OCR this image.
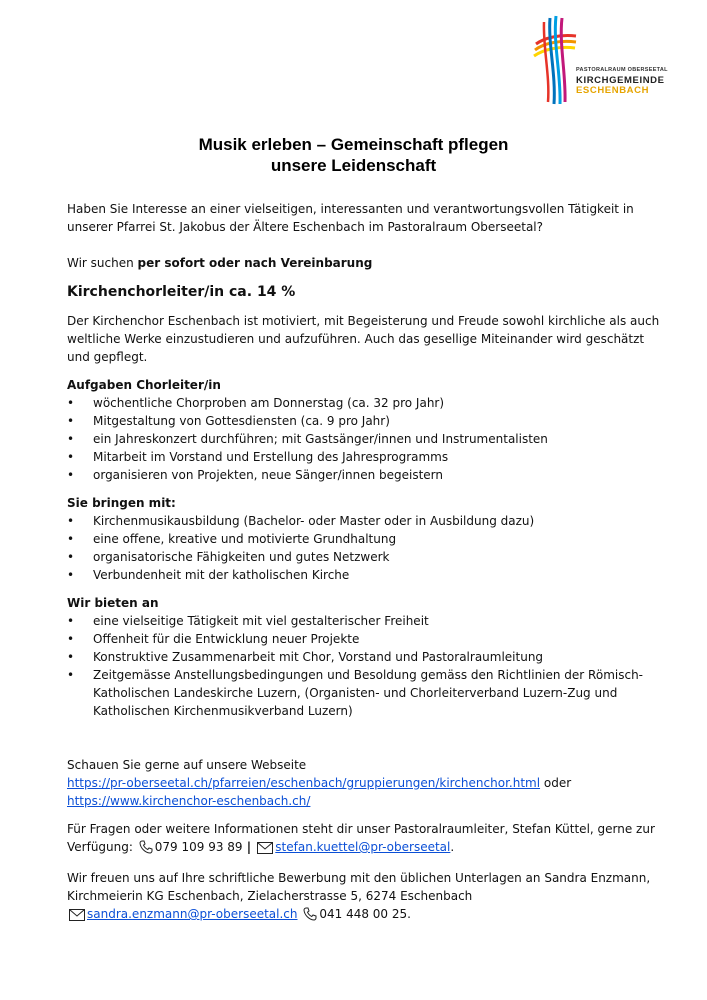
PASTORALRAUM OBERSEETAL
KIRCHGEMEINDE
ESCHENBACH
Musik erleben – Gemeinschaft pflegen
unsere Leidenschaft

Haben Sie Interesse an einer vielseitigen, interessanten und verantwortungsvollen Tätigkeit in unserer Pfarrei St. Jakobus der Ältere Eschenbach im Pastoralraum Oberseetal?

Wir suchen per sofort oder nach Vereinbarung

Kirchenchorleiter/in ca. 14 %

Der Kirchenchor Eschenbach ist motiviert, mit Begeisterung und Freude sowohl kirchliche als auch weltliche Werke einzustudieren und aufzuführen. Auch das gesellige Miteinander wird geschätzt und gepflegt.

Aufgaben Chorleiter/in
• wöchentliche Chorproben am Donnerstag (ca. 32 pro Jahr)
• Mitgestaltung von Gottesdiensten (ca. 9 pro Jahr)
• ein Jahreskonzert durchführen; mit Gastsänger/innen und Instrumentalisten
• Mitarbeit im Vorstand und Erstellung des Jahresprogramms
• organisieren von Projekten, neue Sänger/innen begeistern
Sie bringen mit:
• Kirchenmusikausbildung (Bachelor- oder Master oder in Ausbildung dazu)
• eine offene, kreative und motivierte Grundhaltung
• organisatorische Fähigkeiten und gutes Netzwerk
• Verbundenheit mit der katholischen Kirche
Wir bieten an
• eine vielseitige Tätigkeit mit viel gestalterischer Freiheit
• Offenheit für die Entwicklung neuer Projekte
• Konstruktive Zusammenarbeit mit Chor, Vorstand und Pastoralraumleitung
• Zeitgemässe Anstellungsbedingungen und Besoldung gemäss den Richtlinien der Römisch-Katholischen Landeskirche Luzern, (Organisten- und Chorleiterverband Luzern-Zug und Katholischen Kirchenmusikverband Luzern)

Schauen Sie gerne auf unsere Webseite

https://pr-oberseetal.ch/pfarreien/eschenbach/gruppierungen/kirchenchor.html oder
https://www.kirchenchor-eschenbach.ch/

Für Fragen oder weitere Informationen steht dir unser Pastoralraumleiter, Stefan Küttel, gerne zur Verfügung: 079 109 93 89 | stefan.kuettel@pr-oberseetal.

Wir freuen uns auf Ihre schriftliche Bewerbung mit den üblichen Unterlagen an Sandra Enzmann,
Kirchmeierin KG Eschenbach, Zielacherstrasse 5, 6274 Eschenbach
sandra.enzmann@pr-oberseetal.ch 041 448 00 25.
